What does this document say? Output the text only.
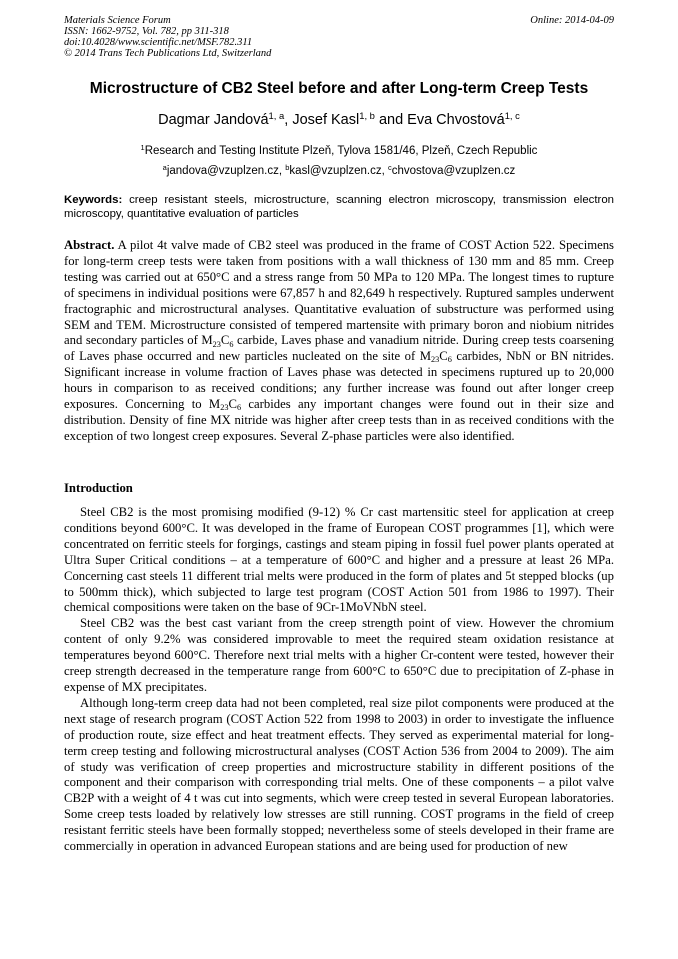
Materials Science Forum
ISSN: 1662-9752, Vol. 782, pp 311-318
doi:10.4028/www.scientific.net/MSF.782.311
© 2014 Trans Tech Publications Ltd, Switzerland
Online: 2014-04-09
Microstructure of CB2 Steel before and after Long-term Creep Tests
Dagmar Jandová$^{1, a}$, Josef Kasl$^{1, b}$ and Eva Chvostová$^{1, c}$
$^1$Research and Testing Institute Plzeň, Tylova 1581/46, Plzeň, Czech Republic
$^a$jandova@vzuplzen.cz, $^b$kasl@vzuplzen.cz, $^c$chvostova@vzuplzen.cz
Keywords: creep resistant steels, microstructure, scanning electron microscopy, transmission electron microscopy, quantitative evaluation of particles

Abstract. A pilot 4t valve made of CB2 steel was produced in the frame of COST Action 522. Specimens for long-term creep tests were taken from positions with a wall thickness of 130 mm and 85 mm. Creep testing was carried out at 650°C and a stress range from 50 MPa to 120 MPa. The longest times to rupture of specimens in individual positions were 67,857 h and 82,649 h respectively. Ruptured samples underwent fractographic and microstructural analyses. Quantitative evaluation of substructure was performed using SEM and TEM. Microstructure consisted of tempered martensite with primary boron and niobium nitrides and secondary particles of $M_{23}C_6$ carbide, Laves phase and vanadium nitride. During creep tests coarsening of Laves phase occurred and new particles nucleated on the site of $M_{23}C_6$ carbides, NbN or BN nitrides. Significant increase in volume fraction of Laves phase was detected in specimens ruptured up to 20,000 hours in comparison to as received conditions; any further increase was found out after longer creep exposures. Concerning to $M_{23}C_6$ carbides any important changes were found out in their size and distribution. Density of fine MX nitride was higher after creep tests than in as received conditions with the exception of two longest creep exposures. Several Z-phase particles were also identified.

Introduction

Steel CB2 is the most promising modified (9-12) % Cr cast martensitic steel for application at creep conditions beyond 600°C. It was developed in the frame of European COST programmes [1], which were concentrated on ferritic steels for forgings, castings and steam piping in fossil fuel power plants operated at Ultra Super Critical conditions – at a temperature of 600°C and higher and a pressure at least 26 MPa. Concerning cast steels 11 different trial melts were produced in the form of plates and 5t stepped blocks (up to 500mm thick), which subjected to large test program (COST Action 501 from 1986 to 1997). Their chemical compositions were taken on the base of 9Cr-1MoVNbN steel.

Steel CB2 was the best cast variant from the creep strength point of view. However the chromium content of only 9.2% was considered improvable to meet the required steam oxidation resistance at temperatures beyond 600°C. Therefore next trial melts with a higher Cr-content were tested, however their creep strength decreased in the temperature range from 600°C to 650°C due to precipitation of Z-phase in expense of MX precipitates.

Although long-term creep data had not been completed, real size pilot components were produced at the next stage of research program (COST Action 522 from 1998 to 2003) in order to investigate the influence of production route, size effect and heat treatment effects. They served as experimental material for long-term creep testing and following microstructural analyses (COST Action 536 from 2004 to 2009). The aim of study was verification of creep properties and microstructure stability in different positions of the component and their comparison with corresponding trial melts. One of these components – a pilot valve CB2P with a weight of 4 t was cut into segments, which were creep tested in several European laboratories. Some creep tests loaded by relatively low stresses are still running. COST programs in the field of creep resistant ferritic steels have been formally stopped; nevertheless some of steels developed in their frame are commercially in operation in advanced European stations and are being used for production of new
